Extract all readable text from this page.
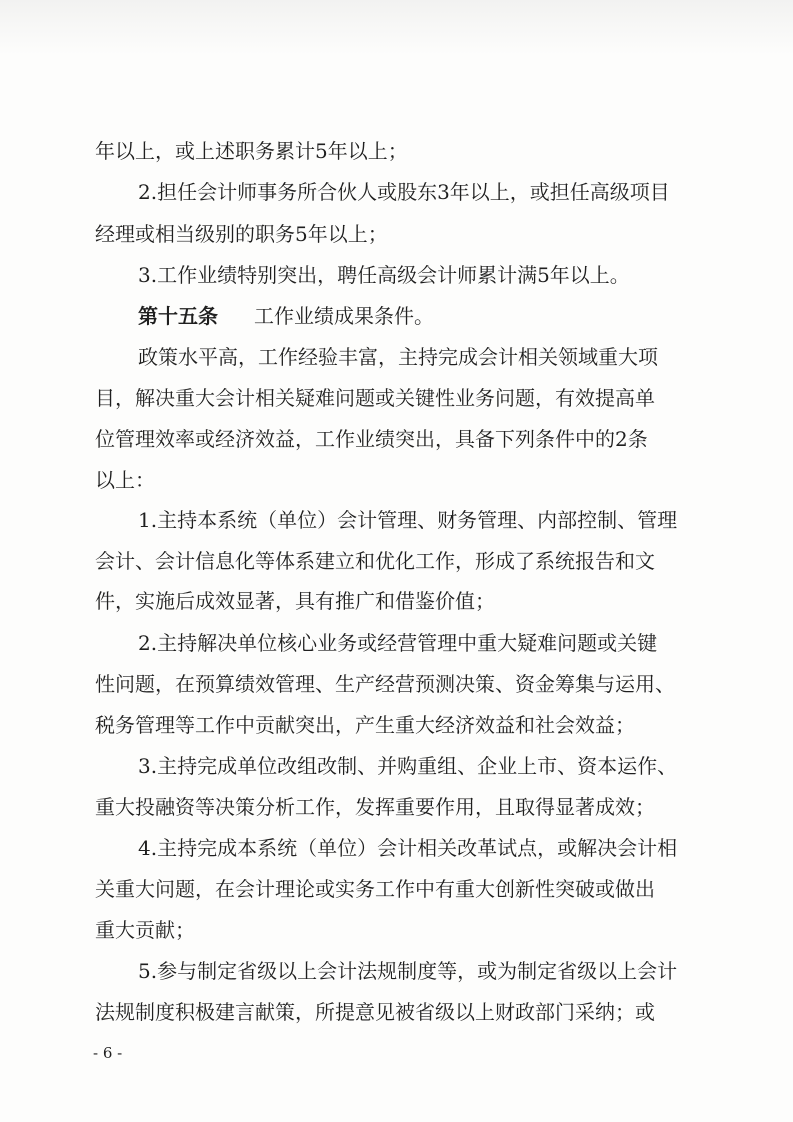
年以上，或上述职务累计5年以上；
2.担任会计师事务所合伙人或股东3年以上，或担任高级项目
经理或相当级别的职务5年以上；
3.工作业绩特别突出，聘任高级会计师累计满5年以上。
第十五条 工作业绩成果条件。
政策水平高，工作经验丰富，主持完成会计相关领域重大项
目，解决重大会计相关疑难问题或关键性业务问题，有效提高单
位管理效率或经济效益，工作业绩突出，具备下列条件中的2条
以上：
1.主持本系统（单位）会计管理、财务管理、内部控制、管理
会计、会计信息化等体系建立和优化工作，形成了系统报告和文
件，实施后成效显著，具有推广和借鉴价值；
2.主持解决单位核心业务或经营管理中重大疑难问题或关键
性问题，在预算绩效管理、生产经营预测决策、资金筹集与运用、
税务管理等工作中贡献突出，产生重大经济效益和社会效益；
3.主持完成单位改组改制、并购重组、企业上市、资本运作、
重大投融资等决策分析工作，发挥重要作用，且取得显著成效；
4.主持完成本系统（单位）会计相关改革试点，或解决会计相
关重大问题，在会计理论或实务工作中有重大创新性突破或做出
重大贡献；
5.参与制定省级以上会计法规制度等，或为制定省级以上会计
法规制度积极建言献策，所提意见被省级以上财政部门采纳；或
- 6 -
